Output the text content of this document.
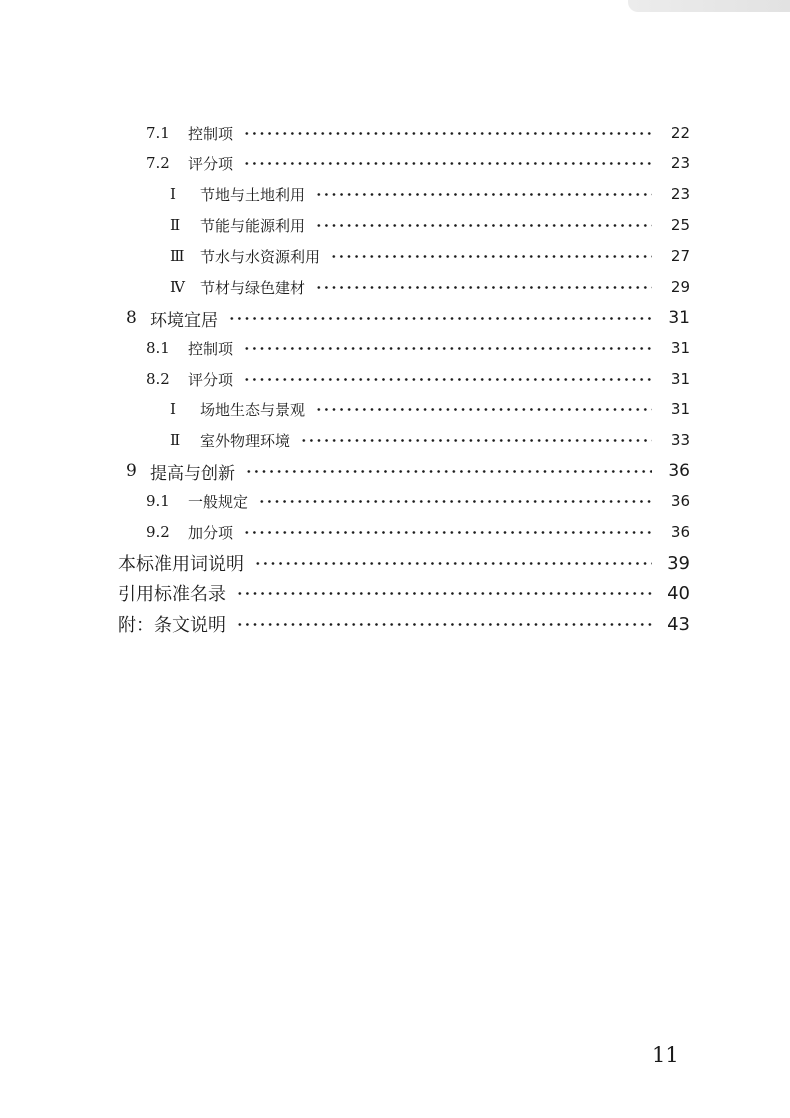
7.1	控制项	22
7.2	评分项	23
Ⅰ	节地与土地利用	23
Ⅱ	节能与能源利用	25
Ⅲ	节水与水资源利用	27
Ⅳ	节材与绿色建材	29
8 环境宜居	31
8.1	控制项	31
8.2	评分项	31
Ⅰ	场地生态与景观	31
Ⅱ	室外物理环境	33
9 提高与创新	36
9.1	一般规定	36
9.2	加分项	36
本标准用词说明	39
引用标准名录	40
附：条文说明	43
11
